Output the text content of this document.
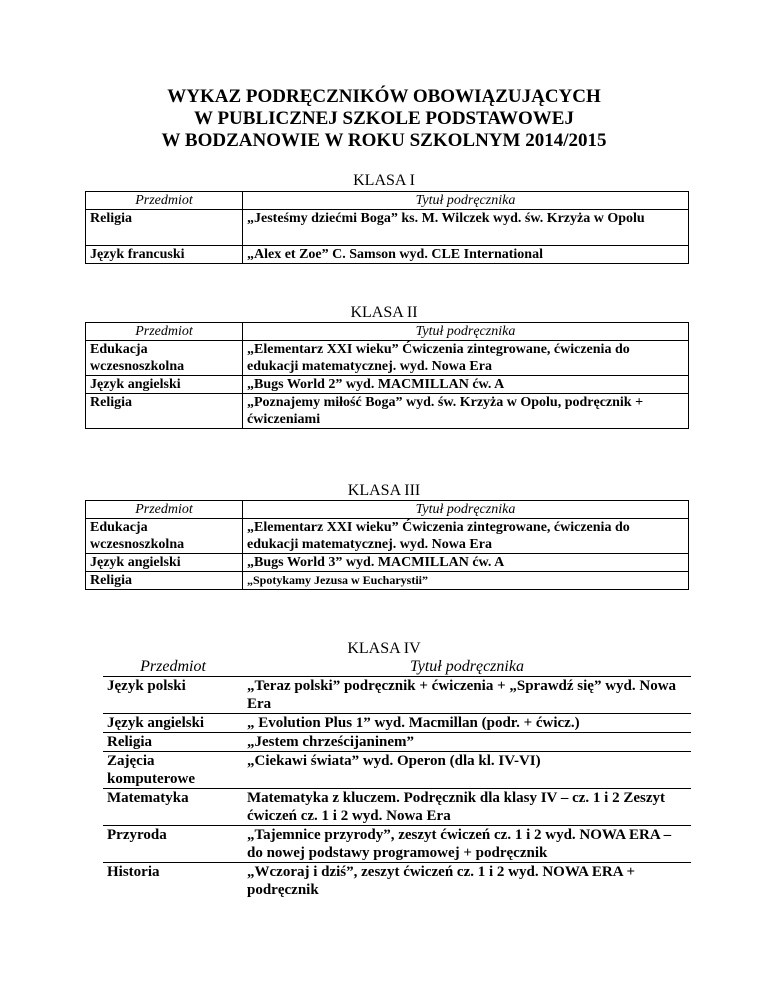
WYKAZ PODRĘCZNIKÓW OBOWIĄZUJĄCYCH
W PUBLICZNEJ SZKOLE PODSTAWOWEJ
W BODZANOWIE W ROKU SZKOLNYM 2014/2015
KLASA I
Przedmiot	Tytuł podręcznika
Religia	„Jesteśmy dziećmi Boga” ks. M. Wilczek wyd. św. Krzyża w Opolu
Język francuski	„Alex et Zoe” C. Samson wyd. CLE International
KLASA II
Przedmiot	Tytuł podręcznika
Edukacja wczesnoszkolna	„Elementarz XXI wieku” Ćwiczenia zintegrowane, ćwiczenia do edukacji matematycznej. wyd. Nowa Era
Język angielski	„Bugs World 2” wyd. MACMILLAN ćw. A
Religia	„Poznajemy miłość Boga” wyd. św. Krzyża w Opolu, podręcznik + ćwiczeniami
KLASA III
Przedmiot	Tytuł podręcznika
Edukacja wczesnoszkolna	„Elementarz XXI wieku” Ćwiczenia zintegrowane, ćwiczenia do edukacji matematycznej. wyd. Nowa Era
Język angielski	„Bugs World 3” wyd. MACMILLAN ćw. A
Religia	„Spotykamy Jezusa w Eucharystii”
KLASA IV
Przedmiot	Tytuł podręcznika
Język polski	„Teraz polski” podręcznik + ćwiczenia + „Sprawdź się” wyd. Nowa Era
Język angielski	„ Evolution Plus 1” wyd. Macmillan (podr. + ćwicz.)
Religia	„Jestem chrześcijaninem”
Zajęcia komputerowe	„Ciekawi świata” wyd. Operon (dla kl. IV-VI)
Matematyka	Matematyka z kluczem. Podręcznik dla klasy IV – cz. 1 i 2 Zeszyt ćwiczeń cz. 1 i 2 wyd. Nowa Era
Przyroda	„Tajemnice przyrody”, zeszyt ćwiczeń cz. 1 i 2 wyd. NOWA ERA – do nowej podstawy programowej + podręcznik
Historia	„Wczoraj i dziś”, zeszyt ćwiczeń cz. 1 i 2 wyd. NOWA ERA + podręcznik
